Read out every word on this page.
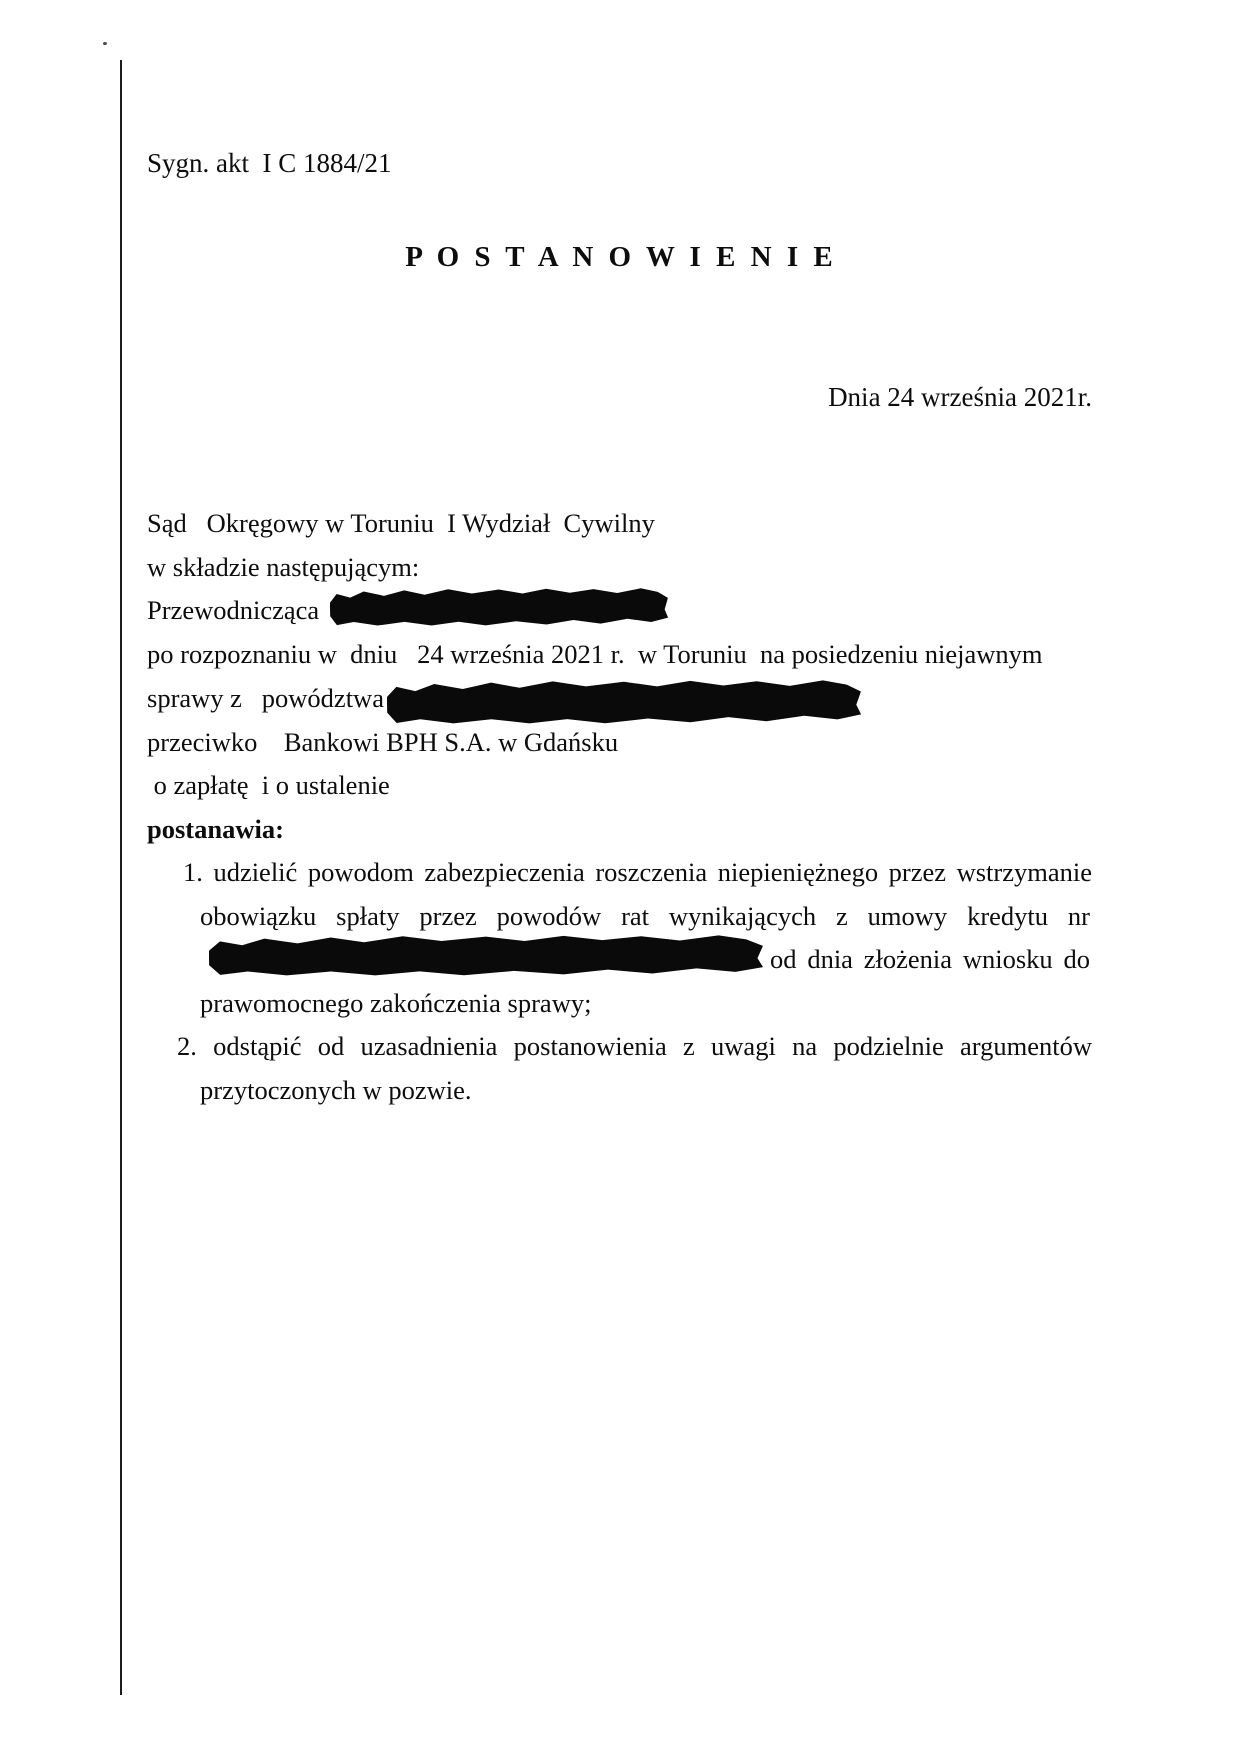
Sygn. akt  I C 1884/21
P O S T A N O W I E N I E
Dnia 24 września 2021r.
Sąd   Okręgowy w Toruniu  I Wydział  Cywilny
w składzie następującym:
Przewodnicząca
po rozpoznaniu w  dniu   24 września 2021 r.  w Toruniu  na posiedzeniu niejawnym
sprawy z   powództwa
przeciwko    Bankowi BPH S.A. w Gdańsku
o zapłatę  i o ustalenie
postanawia:
1. udzielić powodom zabezpieczenia roszczenia niepieniężnego przez wstrzymanie
obowiązku spłaty przez powodów rat wynikających z umowy kredytu nr
od dnia złożenia wniosku do
prawomocnego zakończenia sprawy;
2. odstąpić od uzasadnienia postanowienia z uwagi na podzielnie argumentów
przytoczonych w pozwie.
